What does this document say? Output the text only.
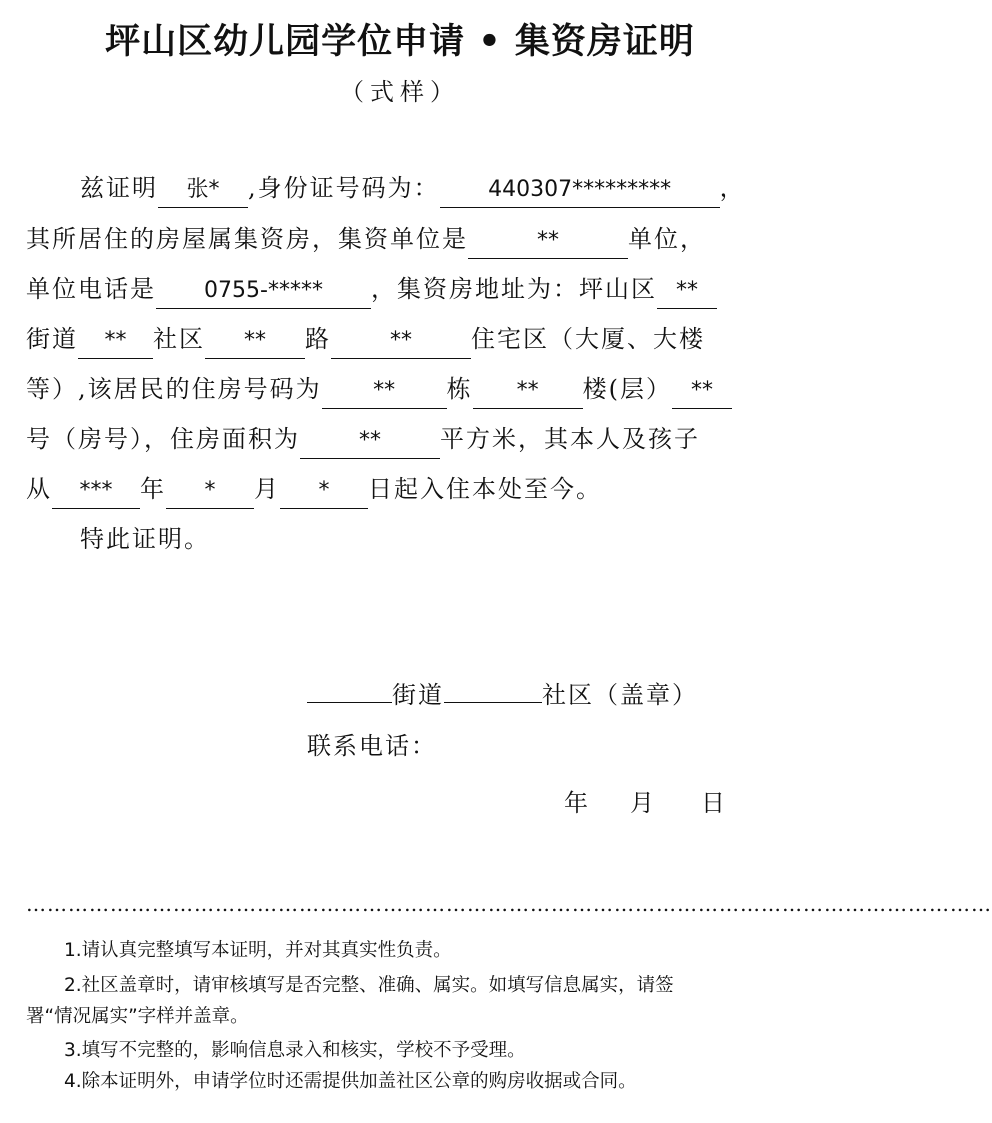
坪山区幼儿园学位申请 • 集资房证明
（式样）
兹证明 张* ,身份证号码为： 440307********* ，
其所居住的房屋属集资房，集资单位是	**	单位，
单位电话是 0755-***** ，集资房地址为：坪山区 **
街道 ** 社区 ** 路	** 住宅区（大厦、大楼
等）,该居民的住房号码为 ** 栋 ** 楼(层） **
号（房号），住房面积为	** 平方米，其本人及孩子
从 *** 年 * 月 * 日起入住本处至今。
特此证明。
街道	社区（盖章）
联系电话：
年 月 日
…………………………………………………………………………………………………………………………
1.请认真完整填写本证明，并对其真实性负责。
2.社区盖章时，请审核填写是否完整、准确、属实。如填写信息属实，请签
署“情况属实”字样并盖章。
3.填写不完整的，影响信息录入和核实，学校不予受理。
4.除本证明外，申请学位时还需提供加盖社区公章的购房收据或合同。
